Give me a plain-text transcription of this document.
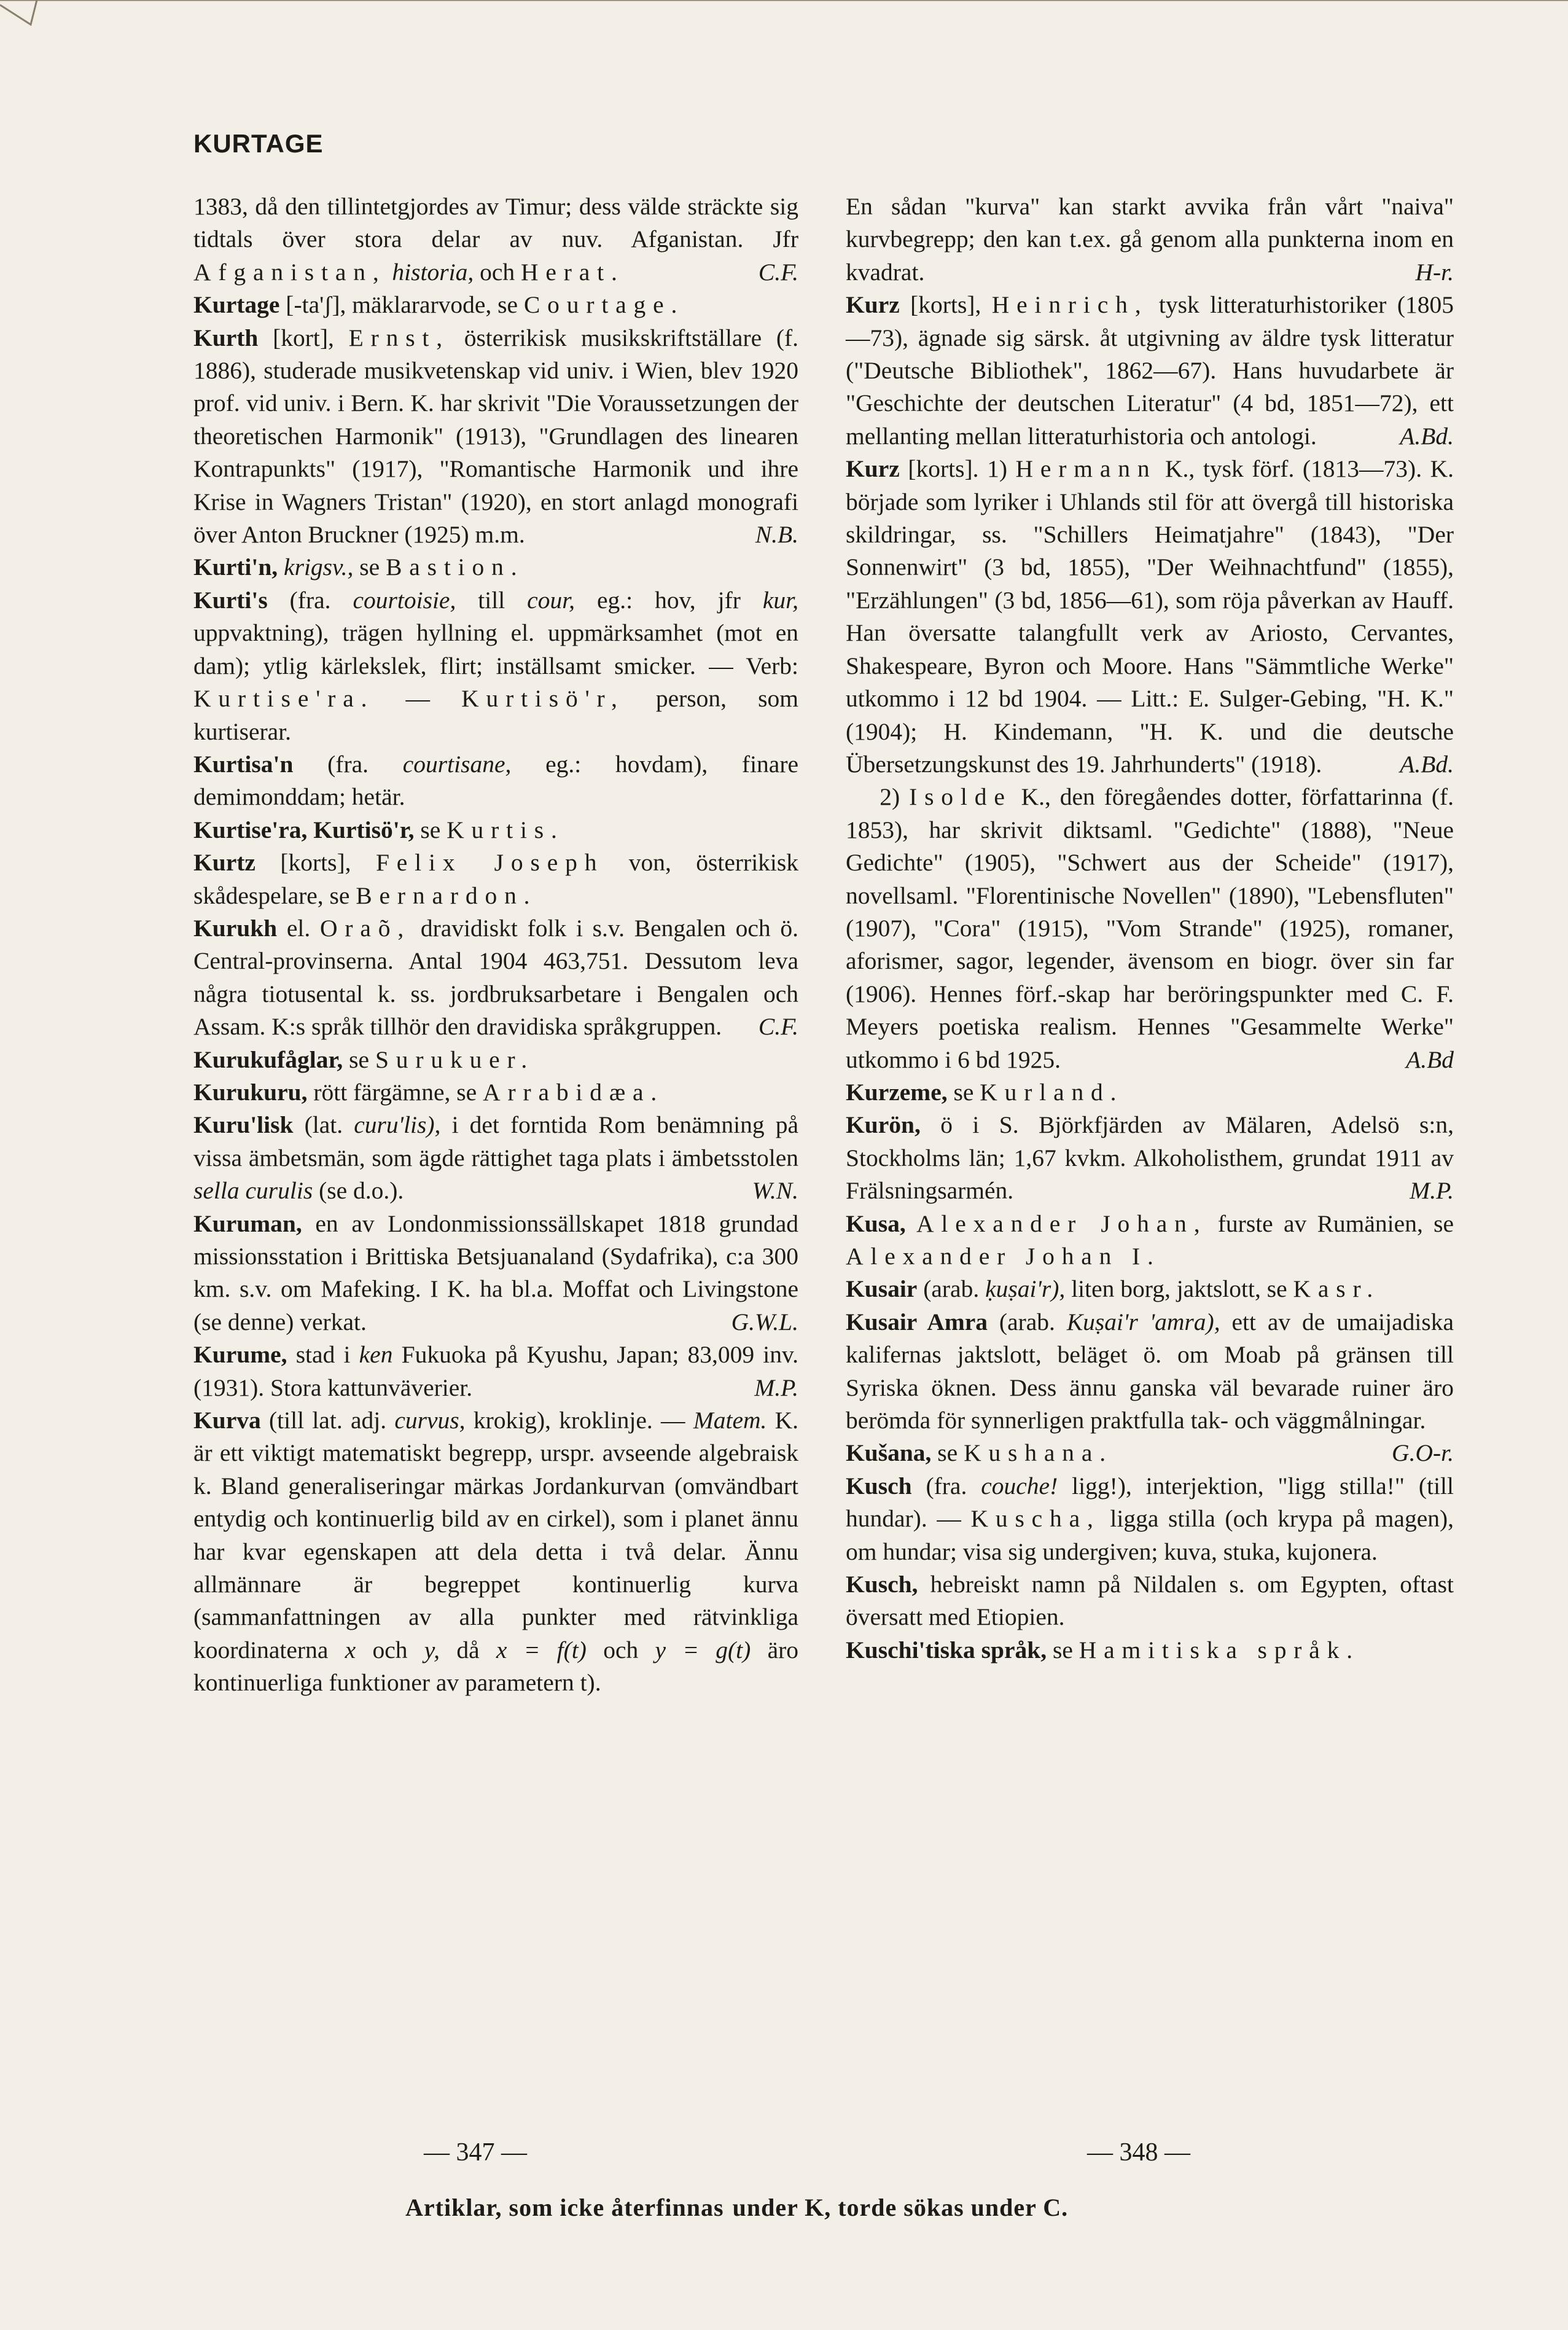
KURTAGE

1383, då den tillintetgjordes av Timur; dess välde sträckte sig tidtals över stora delar av nuv. Afganistan. Jfr Afganistan, historia, och Herat.	C.F.

Kurtage [-ta'ʃ], mäklararvode, se Courtage.

Kurth [kort], Ernst, österrikisk musikskriftställare (f. 1886), studerade musikvetenskap vid univ. i Wien, blev 1920 prof. vid univ. i Bern. K. har skrivit "Die Voraussetzungen der theoretischen Harmonik" (1913), "Grundlagen des linearen Kontrapunkts" (1917), "Romantische Harmonik und ihre Krise in Wagners Tristan" (1920), en stort anlagd monografi över Anton Bruckner (1925) m.m.	N.B.

Kurti'n, krigsv., se Bastion.

Kurti's (fra. courtoisie, till cour, eg.: hov, jfr kur, uppvaktning), trägen hyllning el. uppmärksamhet (mot en dam); ytlig kärlekslek, flirt; inställsamt smicker. — Verb: Kurtise'ra. — Kurtisö'r, person, som kurtiserar.

Kurtisa'n (fra. courtisane, eg.: hovdam), finare demimonddam; hetär.

Kurtise'ra, Kurtisö'r, se Kurtis.

Kurtz [korts], Felix Joseph von, österrikisk skådespelare, se Bernardon.

Kurukh el. Oraõ, dravidiskt folk i s.v. Bengalen och ö. Central-provinserna. Antal 1904 463,751. Dessutom leva några tiotusental k. ss. jordbruksarbetare i Bengalen och Assam. K:s språk tillhör den dravidiska språkgruppen. C.F.

Kurukufåglar, se Surukuer.

Kurukuru, rött färgämne, se Arrabidæa.

Kuru'lisk (lat. curu'lis), i det forntida Rom benämning på vissa ämbetsmän, som ägde rättighet taga plats i ämbetsstolen sella curulis (se d.o.).	W.N.

Kuruman, en av Londonmissionssällskapet 1818 grundad missionsstation i Brittiska Betsjuanaland (Sydafrika), c:a 300 km. s.v. om Mafeking. I K. ha bl.a. Moffat och Livingstone (se denne) verkat.	G.W.L.

Kurume, stad i ken Fukuoka på Kyushu, Japan; 83,009 inv. (1931). Stora kattunväverier.	M.P.

Kurva (till lat. adj. curvus, krokig), kroklinje. — Matem. K. är ett viktigt matematiskt begrepp, urspr. avseende algebraisk k. Bland generaliseringar märkas Jordankurvan (omvändbart entydig och kontinuerlig bild av en cirkel), som i planet ännu har kvar egenskapen att dela detta i två delar. Ännu allmännare är begreppet kontinuerlig kurva (sammanfattningen av alla punkter med rätvinkliga koordinaterna x och y, då x = f(t) och y = g(t) äro kontinuerliga funktioner av parametern t).

En sådan "kurva" kan starkt avvika från vårt "naiva" kurvbegrepp; den kan t.ex. gå genom alla punkterna inom en kvadrat.	H-r.

Kurz [korts], Heinrich, tysk litteraturhistoriker (1805—73), ägnade sig särsk. åt utgivning av äldre tysk litteratur ("Deutsche Bibliothek", 1862—67). Hans huvudarbete är "Geschichte der deutschen Literatur" (4 bd, 1851—72), ett mellanting mellan litteraturhistoria och antologi.	A.Bd.

Kurz [korts]. 1) Hermann K., tysk förf. (1813—73). K. började som lyriker i Uhlands stil för att övergå till historiska skildringar, ss. "Schillers Heimatjahre" (1843), "Der Sonnenwirt" (3 bd, 1855), "Der Weihnachtfund" (1855), "Erzählungen" (3 bd, 1856—61), som röja påverkan av Hauff. Han översatte talangfullt verk av Ariosto, Cervantes, Shakespeare, Byron och Moore. Hans "Sämmtliche Werke" utkommo i 12 bd 1904. — Litt.: E. Sulger-Gebing, "H. K." (1904); H. Kindemann, "H. K. und die deutsche Übersetzungskunst des 19. Jahrhunderts" (1918).	A.Bd.

2) Isolde K., den föregåendes dotter, författarinna (f. 1853), har skrivit diktsaml. "Gedichte" (1888), "Neue Gedichte" (1905), "Schwert aus der Scheide" (1917), novellsaml. "Florentinische Novellen" (1890), "Lebensfluten" (1907), "Cora" (1915), "Vom Strande" (1925), romaner, aforismer, sagor, legender, ävensom en biogr. över sin far (1906). Hennes förf.-skap har beröringspunkter med C. F. Meyers poetiska realism. Hennes "Gesammelte Werke" utkommo i 6 bd 1925.	A.Bd

Kurzeme, se Kurland.

Kurön, ö i S. Björkfjärden av Mälaren, Adelsö s:n, Stockholms län; 1,67 kvkm. Alkoholisthem, grundat 1911 av Frälsningsarmén.	M.P.

Kusa, Alexander Johan, furste av Rumänien, se Alexander Johan I.

Kusair (arab. ḳuṣai'r), liten borg, jaktslott, se Kasr.

Kusair Amra (arab. Kuṣai'r 'amra), ett av de umaijadiska kalifernas jaktslott, beläget ö. om Moab på gränsen till Syriska öknen. Dess ännu ganska väl bevarade ruiner äro berömda för synnerligen praktfulla tak- och väggmålningar.
G.O-r.

Kušana, se Kushana.

Kusch (fra. couche! ligg!), interjektion, "ligg stilla!" (till hundar). — Kuscha, ligga stilla (och krypa på magen), om hundar; visa sig undergiven; kuva, stuka, kujonera.

Kusch, hebreiskt namn på Nildalen s. om Egypten, oftast översatt med Etiopien.

Kuschi'tiska språk, se Hamitiska språk.

— 347 —	— 348 —
Artiklar, som icke återfinnas under K, torde sökas under C.
